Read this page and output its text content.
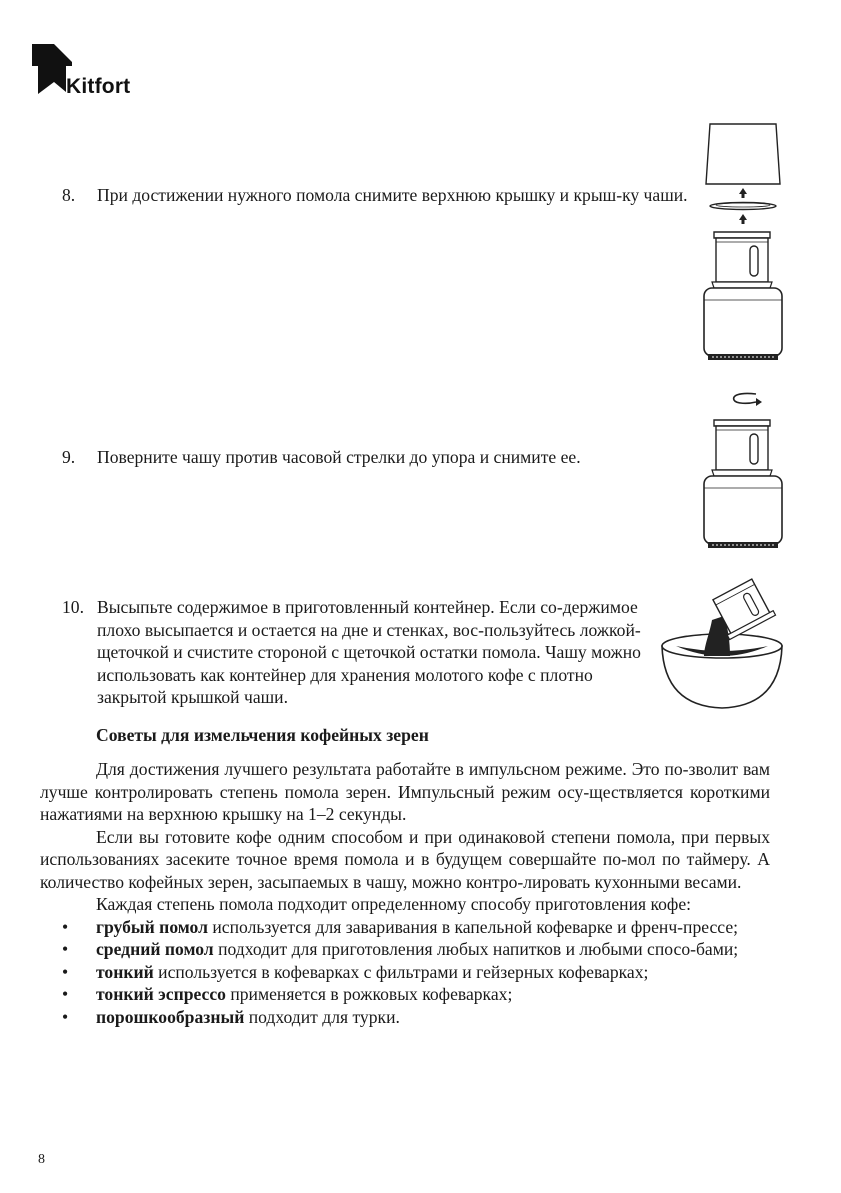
Kitfort
8. При достижении нужного помола снимите верхнюю крышку и крыш-ку чаши.
9. Поверните чашу против часовой стрелки до упора и снимите ее.
10. Высыпьте содержимое в приготовленный контейнер. Если со-держимое плохо высыпается и остается на дне и стенках, вос-пользуйтесь ложкой-щеточкой и счистите стороной с щеточкой остатки помола. Чашу можно использовать как контейнер для хранения молотого кофе с плотно закрытой крышкой чаши.
Советы для измельчения кофейных зерен

Для достижения лучшего результата работайте в импульсном режиме. Это по-зволит вам лучше контролировать степень помола зерен. Импульсный режим осу-ществляется короткими нажатиями на верхнюю крышку на 1–2 секунды.

Если вы готовите кофе одним способом и при одинаковой степени помола, при первых использованиях засеките точное время помола и в будущем совершайте по-мол по таймеру. А количество кофейных зерен, засыпаемых в чашу, можно контро-лировать кухонными весами.

Каждая степень помола подходит определенному способу приготовления кофе:

• грубый помол используется для заваривания в капельной кофеварке и френч-прессе;
• средний помол подходит для приготовления любых напитков и любыми спосо-бами;
• тонкий используется в кофеварках с фильтрами и гейзерных кофеварках;
• тонкий эспрессо применяется в рожковых кофеварках;
• порошкообразный подходит для турки.
8
